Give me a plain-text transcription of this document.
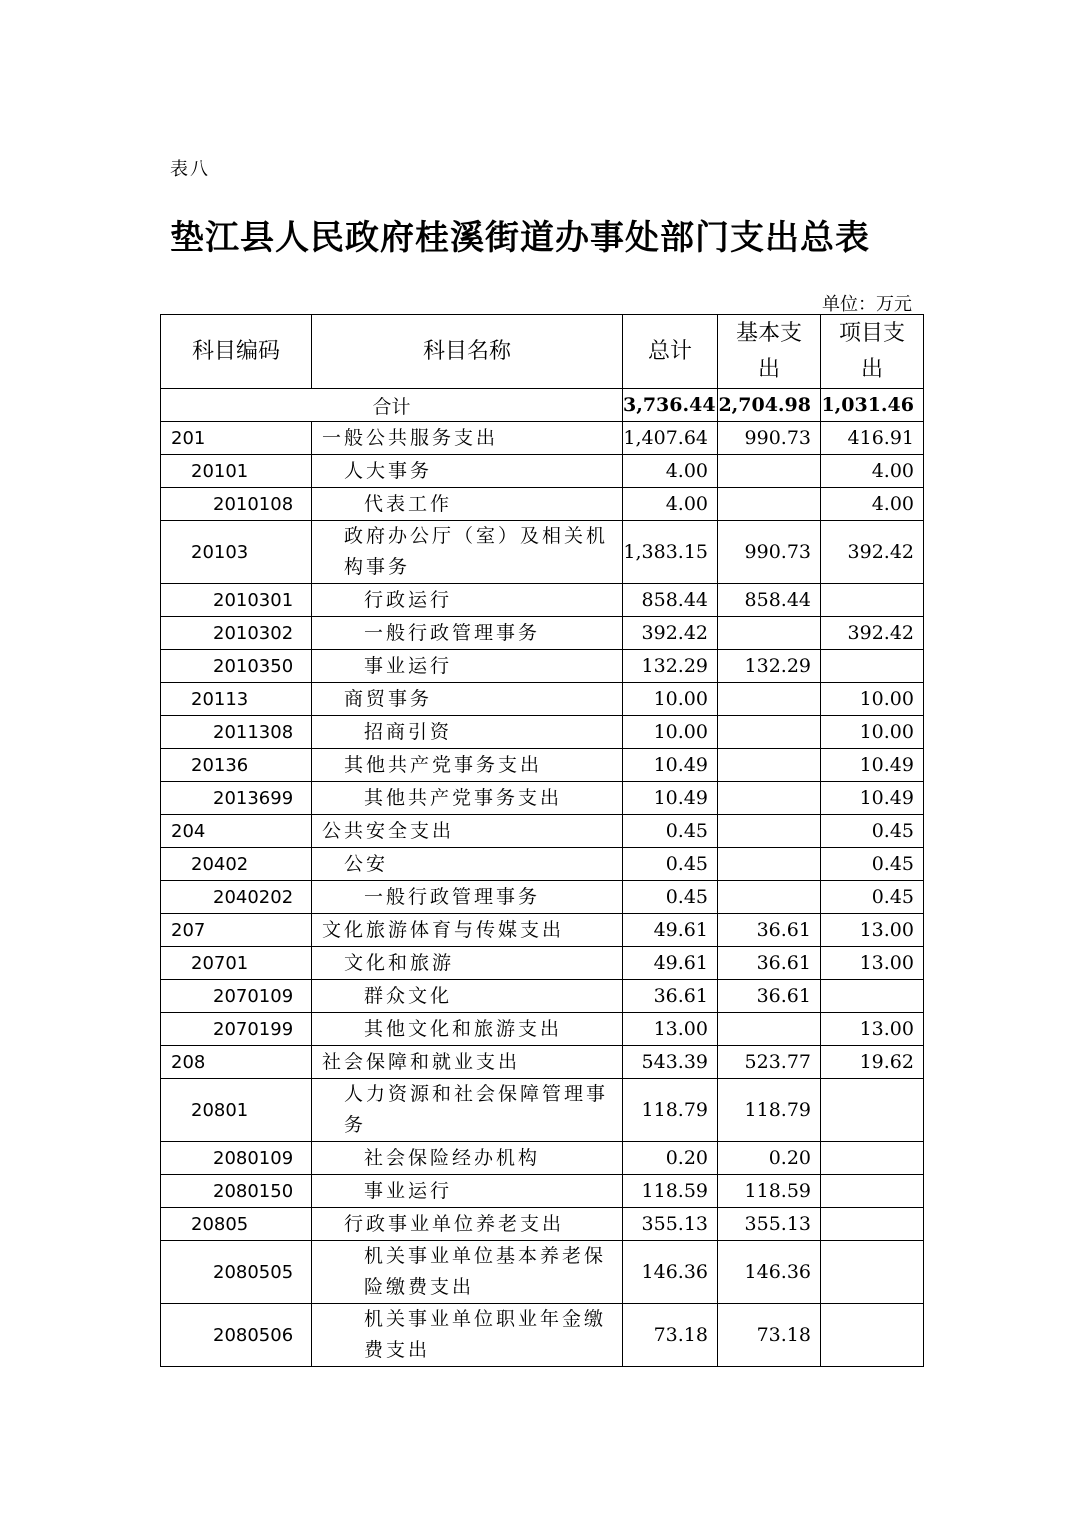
表八
垫江县人民政府桂溪街道办事处部门支出总表
单位：万元
科目编码	科目名称	总计	基本支出	项目支出
合计		3,736.44	2,704.98	1,031.46
201	一般公共服务支出	1,407.64	990.73	416.91
20101	人大事务	4.00		4.00
2010108	代表工作	4.00		4.00
20103	政府办公厅（室）及相关机构事务	1,383.15	990.73	392.42
2010301	行政运行	858.44	858.44	
2010302	一般行政管理事务	392.42		392.42
2010350	事业运行	132.29	132.29	
20113	商贸事务	10.00		10.00
2011308	招商引资	10.00		10.00
20136	其他共产党事务支出	10.49		10.49
2013699	其他共产党事务支出	10.49		10.49
204	公共安全支出	0.45		0.45
20402	公安	0.45		0.45
2040202	一般行政管理事务	0.45		0.45
207	文化旅游体育与传媒支出	49.61	36.61	13.00
20701	文化和旅游	49.61	36.61	13.00
2070109	群众文化	36.61	36.61	
2070199	其他文化和旅游支出	13.00		13.00
208	社会保障和就业支出	543.39	523.77	19.62
20801	人力资源和社会保障管理事务	118.79	118.79	
2080109	社会保险经办机构	0.20	0.20	
2080150	事业运行	118.59	118.59	
20805	行政事业单位养老支出	355.13	355.13	
2080505	机关事业单位基本养老保险缴费支出	146.36	146.36	
2080506	机关事业单位职业年金缴费支出	73.18	73.18	
